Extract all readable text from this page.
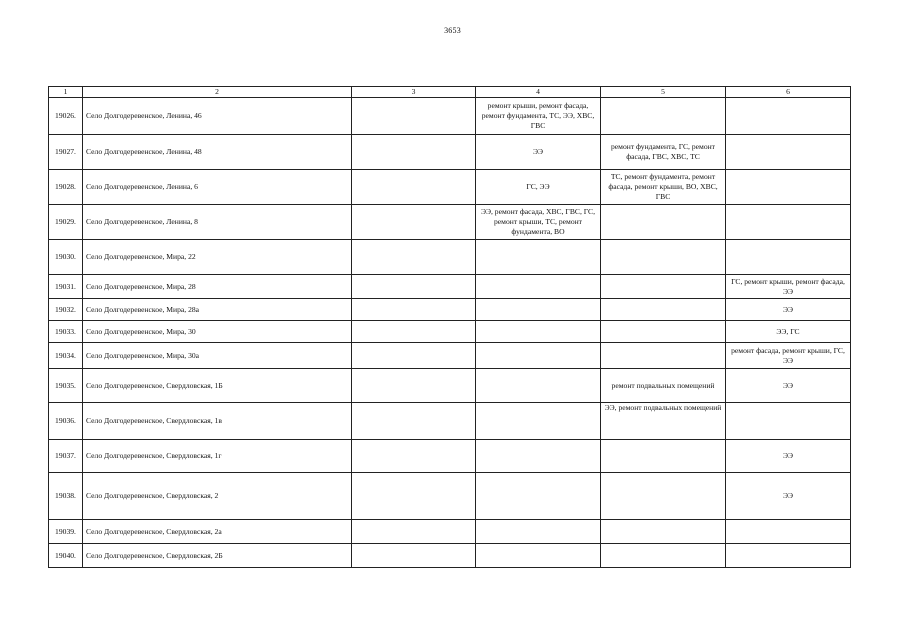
3653
1	2	3	4	5	6
19026.	Село Долгодеревенское, Ленина, 46		ремонт крыши, ремонт фасада, ремонт фундамента, ТС, ЭЭ, ХВС, ГВС		
19027.	Село Долгодеревенское, Ленина, 48		ЭЭ	ремонт фундамента, ГС, ремонт фасада, ГВС, ХВС, ТС	
19028.	Село Долгодеревенское, Ленина, 6		ГС, ЭЭ	ТС, ремонт фундамента, ремонт фасада, ремонт крыши, ВО, ХВС, ГВС	
19029.	Село Долгодеревенское, Ленина, 8		ЭЭ, ремонт фасада, ХВС, ГВС, ГС, ремонт крыши, ТС, ремонт фундамента, ВО		
19030.	Село Долгодеревенское, Мира, 22				
19031.	Село Долгодеревенское, Мира, 28				ГС, ремонт крыши, ремонт фасада, ЭЭ
19032.	Село Долгодеревенское, Мира, 28а				ЭЭ
19033.	Село Долгодеревенское, Мира, 30				ЭЭ, ГС
19034.	Село Долгодеревенское, Мира, 30а				ремонт фасада, ремонт крыши, ГС, ЭЭ
19035.	Село Долгодеревенское, Свердловская, 1Б			ремонт подвальных помещений	ЭЭ
19036.	Село Долгодеревенское, Свердловская, 1в			ЭЭ, ремонт подвальных помещений	
19037.	Село Долгодеревенское, Свердловская, 1г				ЭЭ
19038.	Село Долгодеревенское, Свердловская, 2				ЭЭ
19039.	Село Долгодеревенское, Свердловская, 2а				
19040.	Село Долгодеревенское, Свердловская, 2Б				
